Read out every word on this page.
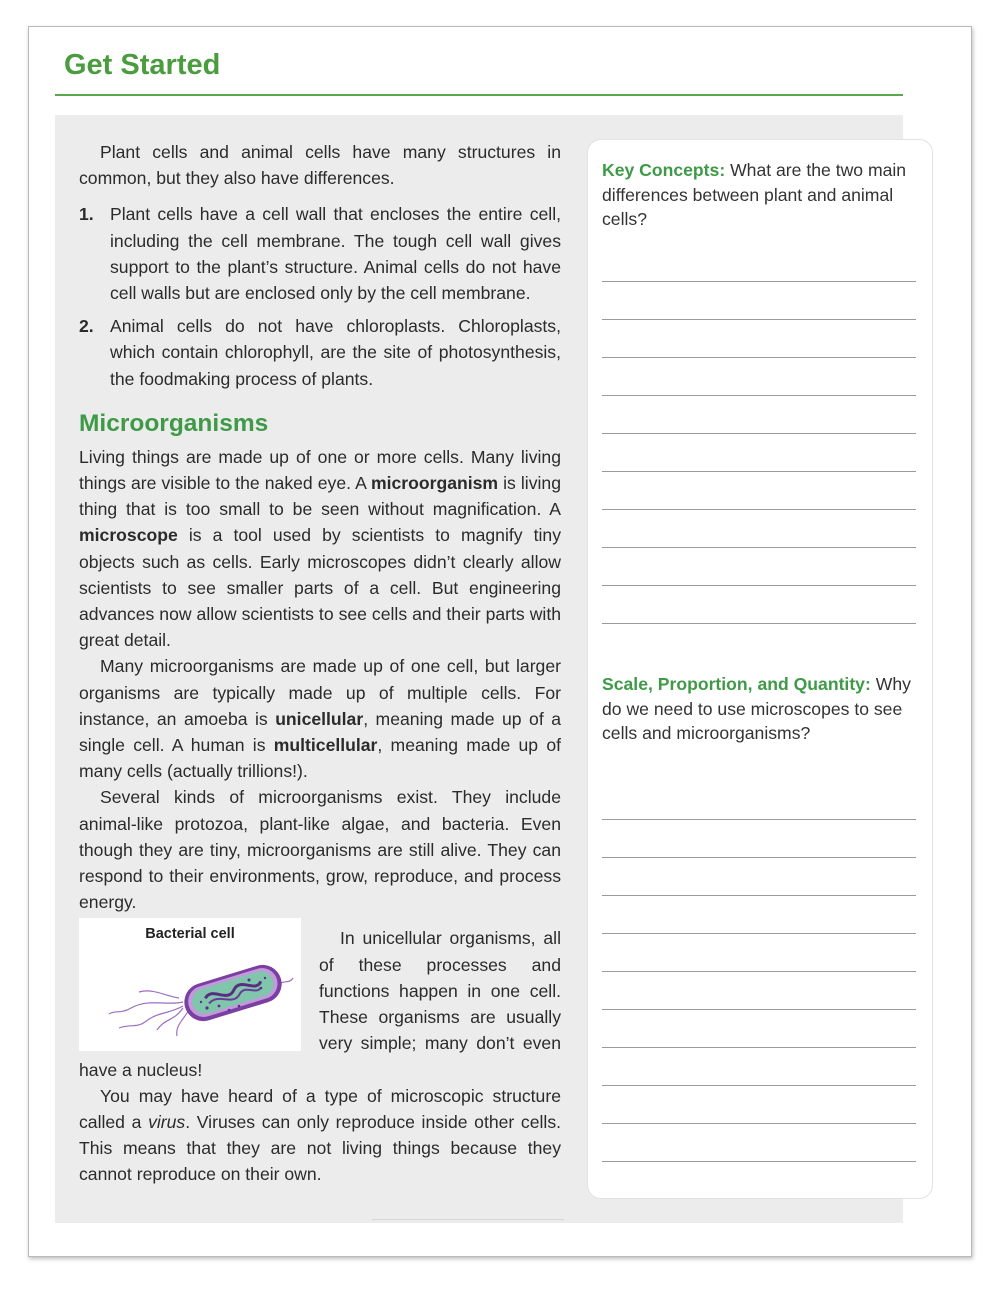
Get Started

Plant cells and animal cells have many structures in common, but they also have differences.

1. Plant cells have a cell wall that encloses the entire cell, including the cell membrane. The tough cell wall gives support to the plant’s structure. Animal cells do not have cell walls but are enclosed only by the cell membrane.
2. Animal cells do not have chloroplasts. Chloroplasts, which contain chlorophyll, are the site of photosynthesis, the foodmaking process of plants.
Microorganisms

Living things are made up of one or more cells. Many living things are visible to the naked eye. A microorganism is living thing that is too small to be seen without magnification. A microscope is a tool used by scientists to magnify tiny objects such as cells. Early microscopes didn’t clearly allow scientists to see smaller parts of a cell. But engineering advances now allow scientists to see cells and their parts with great detail.

Many microorganisms are made up of one cell, but larger organisms are typically made up of multiple cells. For instance, an amoeba is unicellular, meaning made up of a single cell. A human is multicellular, meaning made up of many cells (actually trillions!).

Several kinds of microorganisms exist. They include animal-like protozoa, plant-like algae, and bacteria. Even though they are tiny, microorganisms are still alive. They can respond to their environments, grow, reproduce, and process energy.

Bacterial cell	In unicellular organisms, all of these processes and functions happen in one cell. These organisms are usually very simple; many don’t even have a nucleus!

You may have heard of a type of microscopic structure called a virus. Viruses can only reproduce inside other cells. This means that they are not living things because they cannot reproduce on their own.

Key Concepts: What are the two main differences between plant and animal cells?

Scale, Proportion, and Quantity: Why do we need to use microscopes to see cells and microorganisms?
